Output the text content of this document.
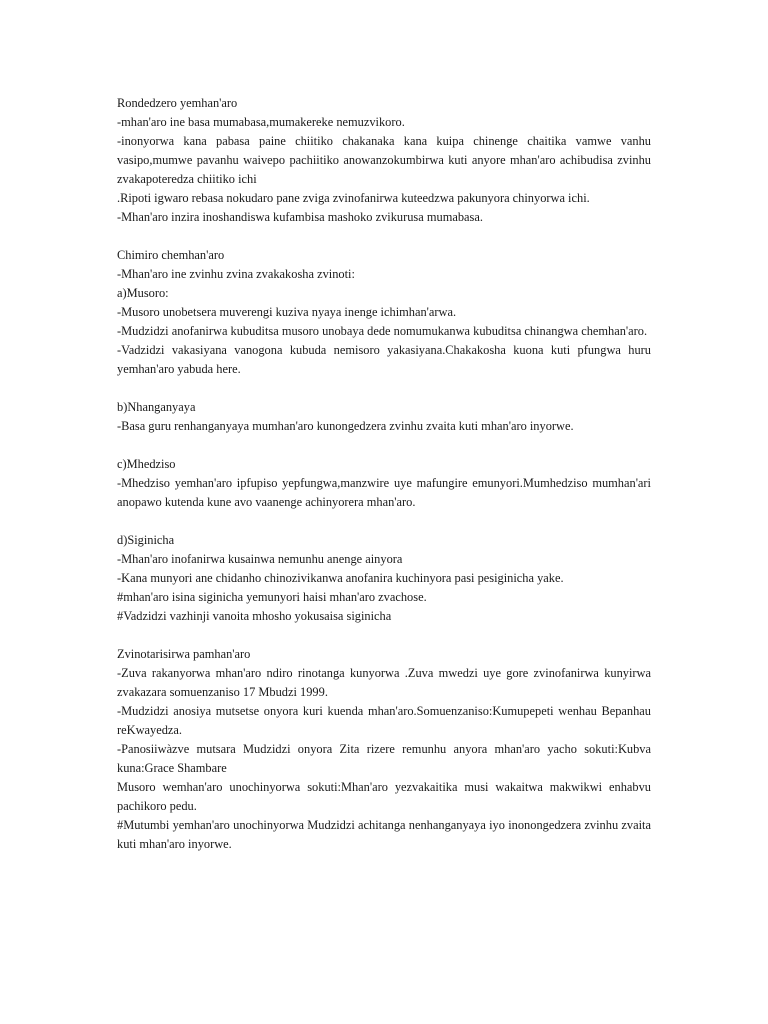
Rondedzero yemhan'aro

-mhan'aro ine basa mumabasa,mumakereke nemuzvikoro.

-inonyorwa kana pabasa paine chiitiko chakanaka kana kuipa chinenge chaitika vamwe vanhu vasipo,mumwe pavanhu waivepo pachiitiko anowanzokumbirwa kuti anyore mhan'aro achibudisa zvinhu zvakapoteredza chiitiko ichi

.Ripoti igwaro rebasa nokudaro pane zviga zvinofanirwa kuteedzwa pakunyora chinyorwa ichi.

-Mhan'aro inzira inoshandiswa kufambisa mashoko zvikurusa mumabasa.

Chimiro chemhan'aro

-Mhan'aro ine zvinhu zvina zvakakosha zvinoti:

a)Musoro:

-Musoro unobetsera muverengi kuziva nyaya inenge ichimhan'arwa.

-Mudzidzi anofanirwa kubuditsa musoro unobaya dede nomumukanwa kubuditsa chinangwa chemhan'aro.

-Vadzidzi vakasiyana vanogona kubuda nemisoro yakasiyana.Chakakosha kuona kuti pfungwa huru yemhan'aro yabuda here.

b)Nhanganyaya

-Basa guru renhanganyaya mumhan'aro kunongedzera zvinhu zvaita kuti mhan'aro inyorwe.

c)Mhedziso

-Mhedziso yemhan'aro ipfupiso yepfungwa,manzwire uye mafungire emunyori.Mumhedziso mumhan'ari anopawo kutenda kune avo vaanenge achinyorera mhan'aro.

d)Siginicha

-Mhan'aro inofanirwa kusainwa nemunhu anenge ainyora

-Kana munyori ane chidanho chinozivikanwa anofanira kuchinyora pasi pesiginicha yake.

#mhan'aro isina siginicha yemunyori haisi mhan'aro zvachose.

#Vadzidzi vazhinji vanoita mhosho yokusaisa siginicha

Zvinotarisirwa pamhan'aro

-Zuva rakanyorwa mhan'aro ndiro rinotanga kunyorwa .Zuva mwedzi uye gore zvinofanirwa kunyirwa zvakazara somuenzaniso 17 Mbudzi 1999.

-Mudzidzi anosiya mutsetse onyora kuri kuenda mhan'aro.Somuenzaniso:Kumupepeti wenhau Bepanhau reKwayedza.

-Panosiiwàzve mutsara Mudzidzi onyora Zita rizere remunhu anyora mhan'aro yacho sokuti:Kubva kuna:Grace Shambare

Musoro wemhan'aro unochinyorwa sokuti:Mhan'aro yezvakaitika musi wakaitwa makwikwi enhabvu pachikoro pedu.

#Mutumbi yemhan'aro unochinyorwa Mudzidzi achitanga nenhanganyaya iyo inonongedzera zvinhu zvaita kuti mhan'aro inyorwe.
